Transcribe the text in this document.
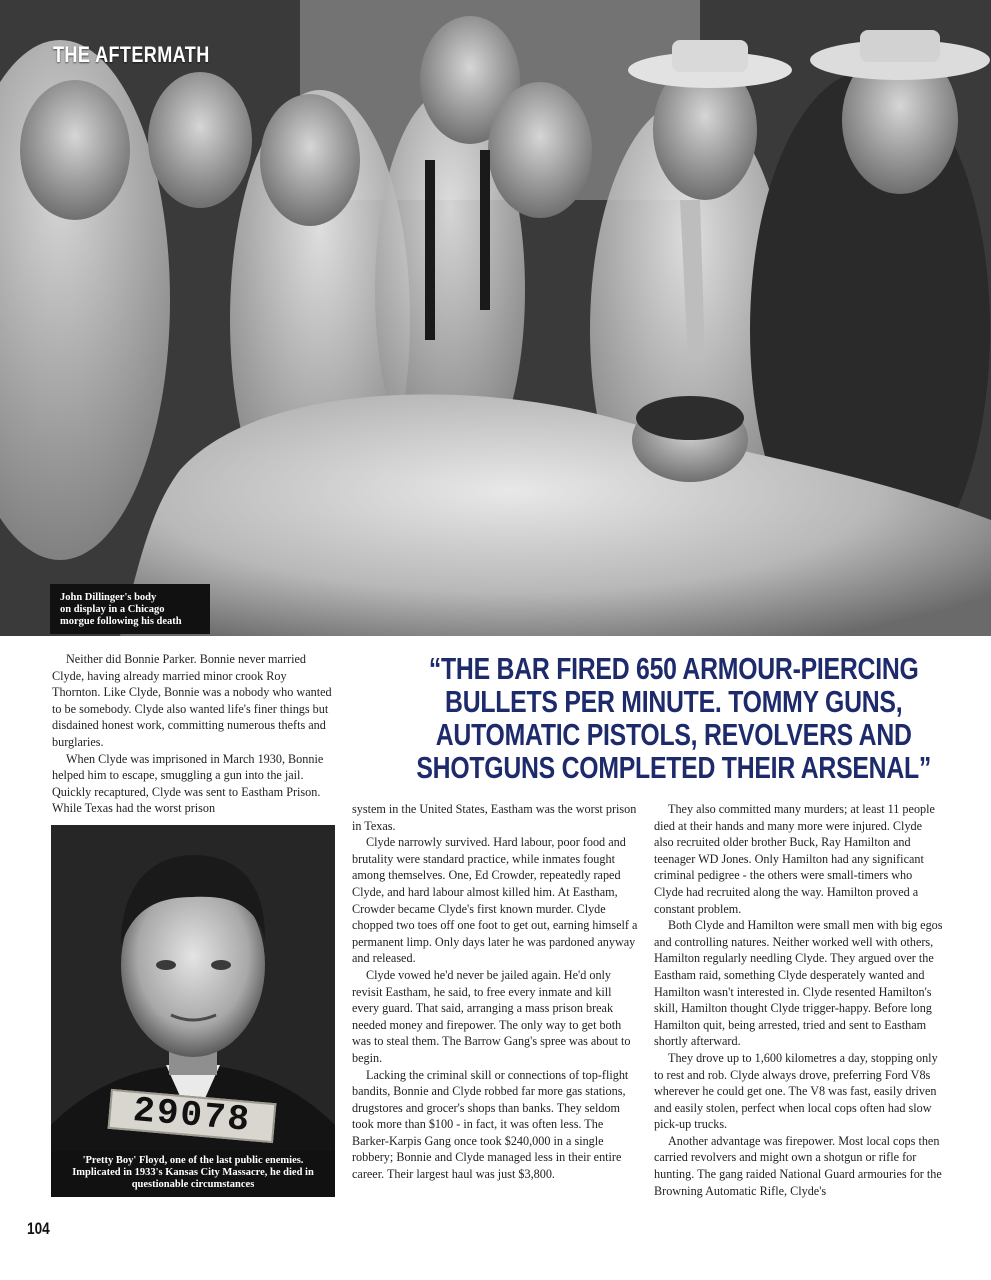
THE AFTERMATH
John Dillinger's body
on display in a Chicago
morgue following his death

Neither did Bonnie Parker. Bonnie never married Clyde, having already married minor crook Roy Thornton. Like Clyde, Bonnie was a nobody who wanted to be somebody. Clyde also wanted life's finer things but disdained honest work, committing numerous thefts and burglaries.

When Clyde was imprisoned in March 1930, Bonnie helped him to escape, smuggling a gun into the jail. Quickly recaptured, Clyde was sent to Eastham Prison. While Texas had the worst prison

“THE BAR FIRED 650 ARMOUR-PIERCING
BULLETS PER MINUTE. TOMMY GUNS,
AUTOMATIC PISTOLS, REVOLVERS AND
SHOTGUNS COMPLETED THEIR ARSENAL”
29078
'Pretty Boy' Floyd, one of the last public enemies.
Implicated in 1933's Kansas City Massacre, he died in
questionable circumstances

system in the United States, Eastham was the worst prison in Texas.

Clyde narrowly survived. Hard labour, poor food and brutality were standard practice, while inmates fought among themselves. One, Ed Crowder, repeatedly raped Clyde, and hard labour almost killed him. At Eastham, Crowder became Clyde's first known murder. Clyde chopped two toes off one foot to get out, earning himself a permanent limp. Only days later he was pardoned anyway and released.

Clyde vowed he'd never be jailed again. He'd only revisit Eastham, he said, to free every inmate and kill every guard. That said, arranging a mass prison break needed money and firepower. The only way to get both was to steal them. The Barrow Gang's spree was about to begin.

Lacking the criminal skill or connections of top-flight bandits, Bonnie and Clyde robbed far more gas stations, drugstores and grocer's shops than banks. They seldom took more than $100 - in fact, it was often less. The Barker-Karpis Gang once took $240,000 in a single robbery; Bonnie and Clyde managed less in their entire career. Their largest haul was just $3,800.

They also committed many murders; at least 11 people died at their hands and many more were injured. Clyde also recruited older brother Buck, Ray Hamilton and teenager WD Jones. Only Hamilton had any significant criminal pedigree - the others were small-timers who Clyde had recruited along the way. Hamilton proved a constant problem.

Both Clyde and Hamilton were small men with big egos and controlling natures. Neither worked well with others, Hamilton regularly needling Clyde. They argued over the Eastham raid, something Clyde desperately wanted and Hamilton wasn't interested in. Clyde resented Hamilton's skill, Hamilton thought Clyde trigger-happy. Before long Hamilton quit, being arrested, tried and sent to Eastham shortly afterward.

They drove up to 1,600 kilometres a day, stopping only to rest and rob. Clyde always drove, preferring Ford V8s wherever he could get one. The V8 was fast, easily driven and easily stolen, perfect when local cops often had slow pick-up trucks.

Another advantage was firepower. Most local cops then carried revolvers and might own a shotgun or rifle for hunting. The gang raided National Guard armouries for the Browning Automatic Rifle, Clyde's

104
